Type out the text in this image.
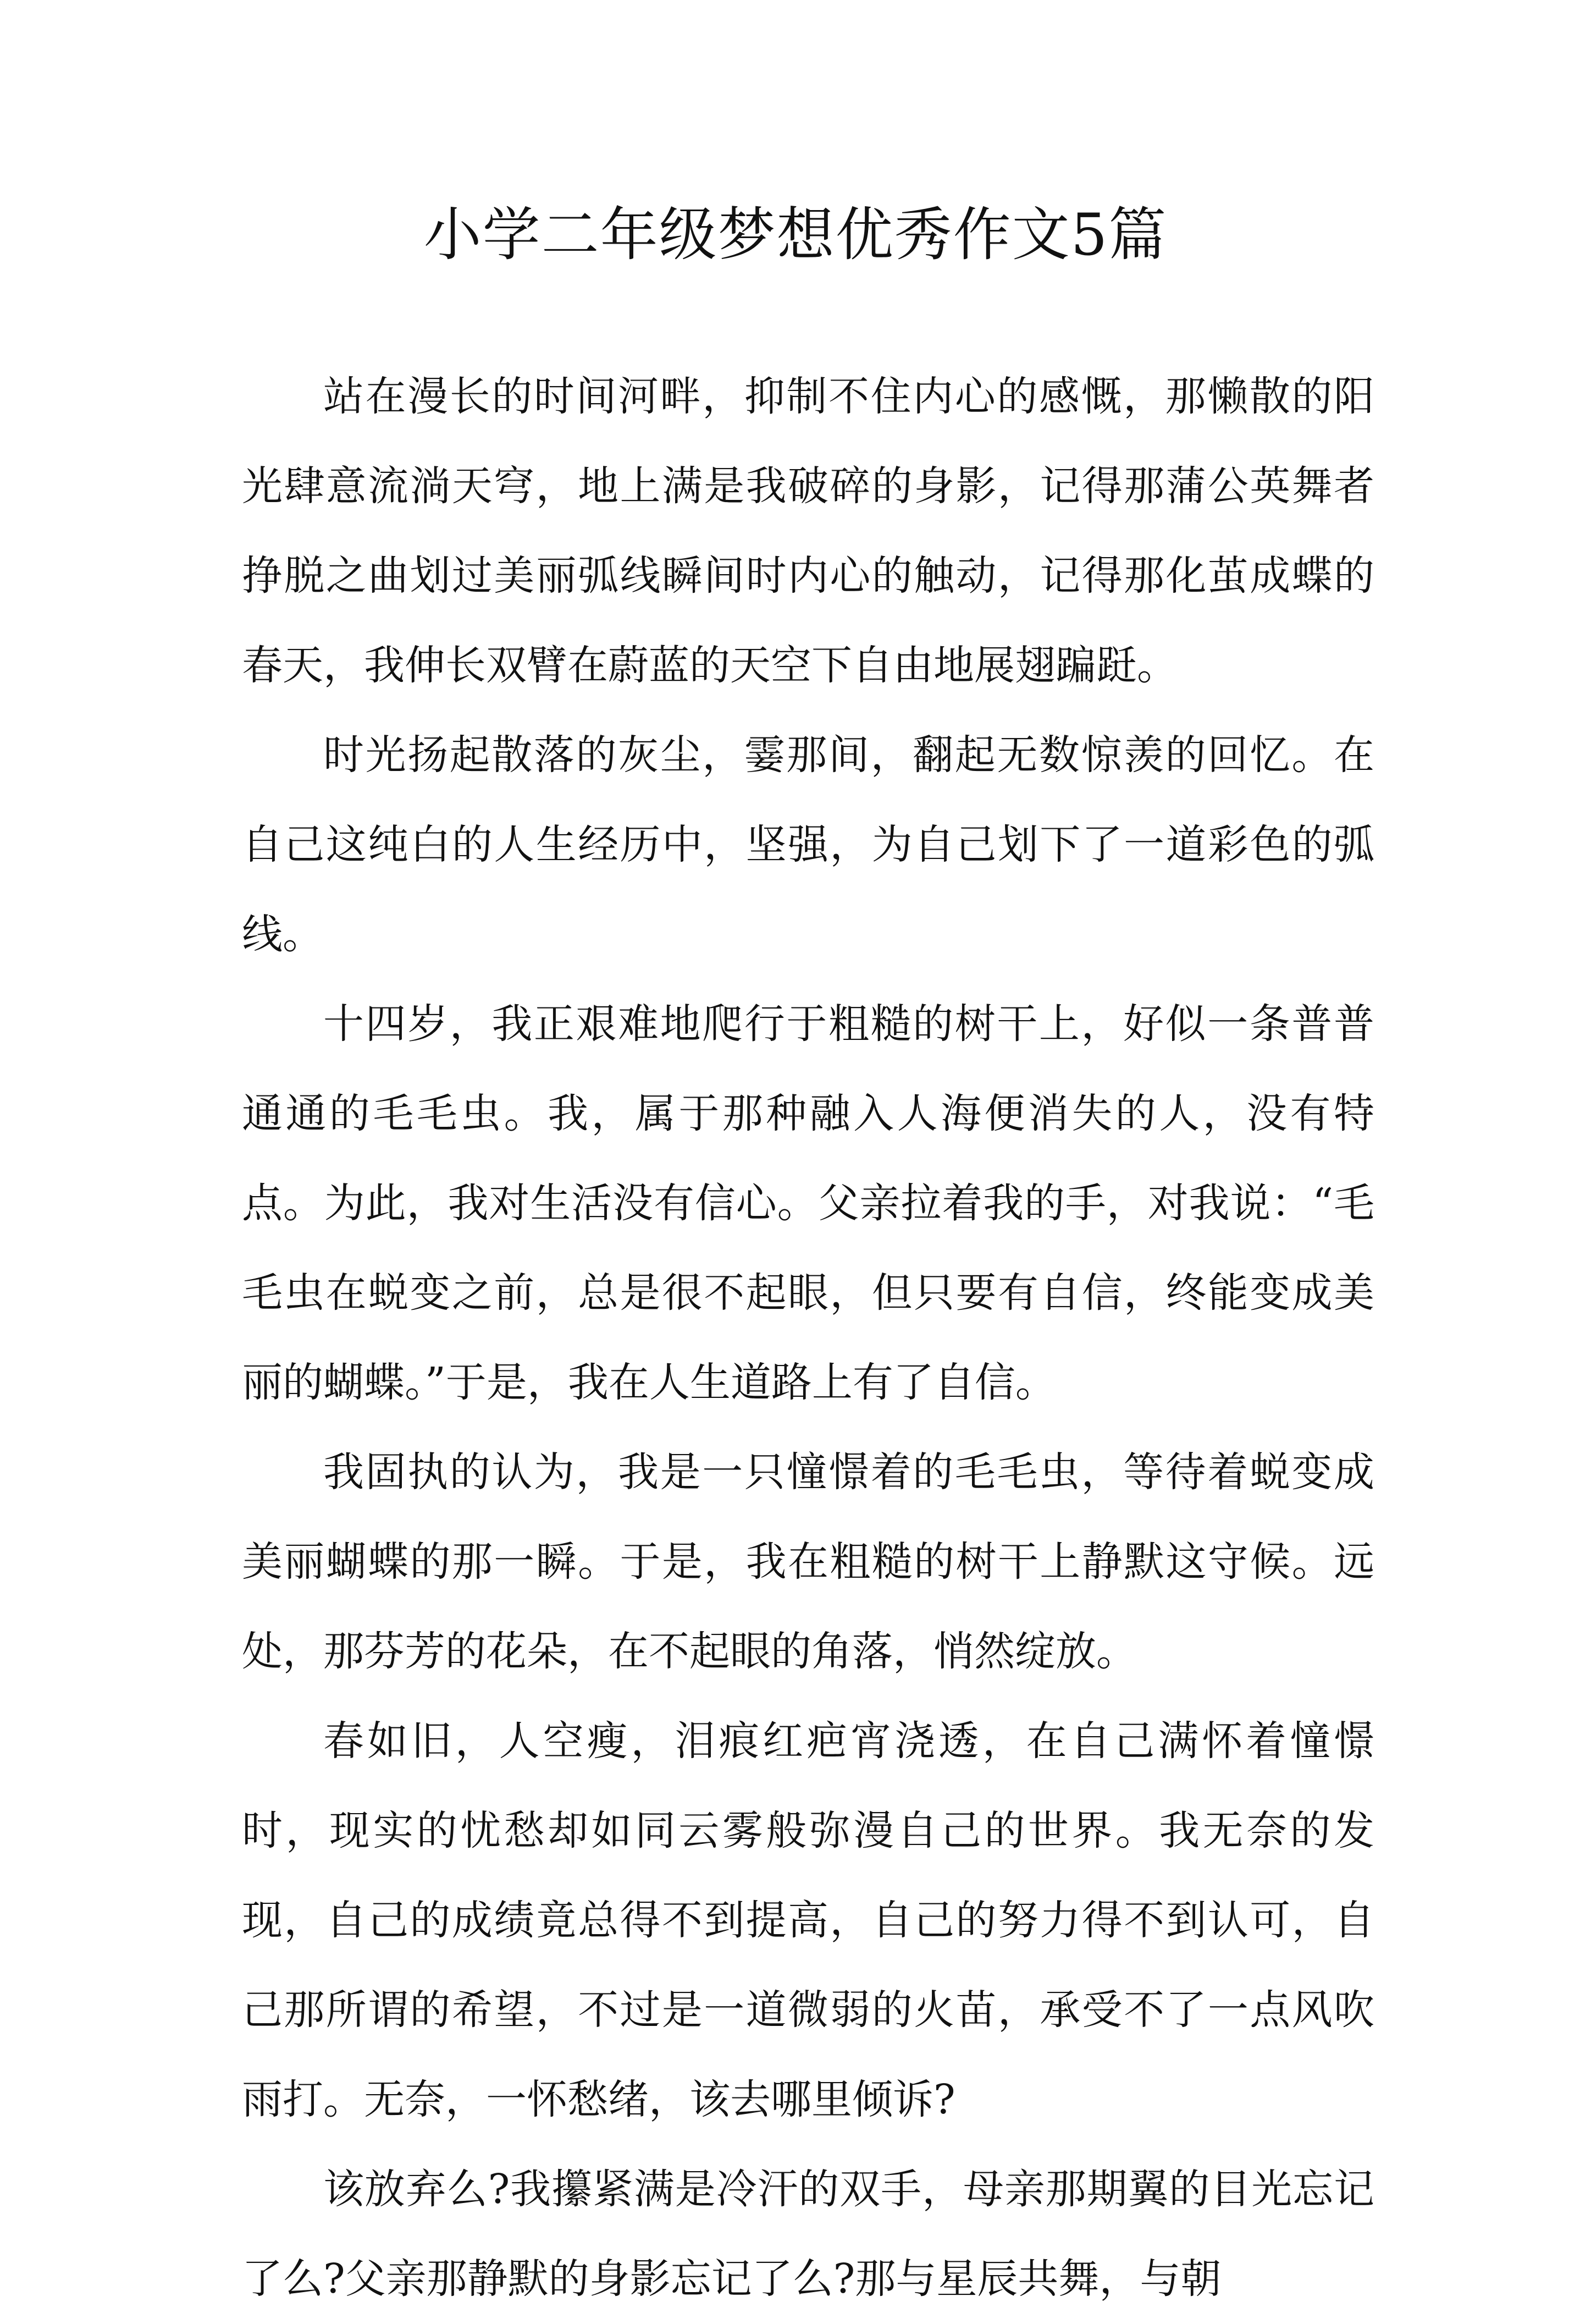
小学二年级梦想优秀作文5篇

站在漫长的时间河畔，抑制不住内心的感慨，那懒散的阳光肆意流淌天穹，地上满是我破碎的身影，记得那蒲公英舞者挣脱之曲划过美丽弧线瞬间时内心的触动，记得那化茧成蝶的春天，我伸长双臂在蔚蓝的天空下自由地展翅蹁跹。

时光扬起散落的灰尘，霎那间，翻起无数惊羡的回忆。在自己这纯白的人生经历中，坚强，为自己划下了一道彩色的弧线。

十四岁，我正艰难地爬行于粗糙的树干上，好似一条普普通通的毛毛虫。我，属于那种融入人海便消失的人，没有特点。为此，我对生活没有信心。父亲拉着我的手，对我说：“毛毛虫在蜕变之前，总是很不起眼，但只要有自信，终能变成美丽的蝴蝶。”于是，我在人生道路上有了自信。

我固执的认为，我是一只憧憬着的毛毛虫，等待着蜕变成美丽蝴蝶的那一瞬。于是，我在粗糙的树干上静默这守候。远处，那芬芳的花朵，在不起眼的角落，悄然绽放。

春如旧，人空瘦，泪痕红疤宵浇透，在自己满怀着憧憬时，现实的忧愁却如同云雾般弥漫自己的世界。我无奈的发现，自己的成绩竟总得不到提高，自己的努力得不到认可，自己那所谓的希望，不过是一道微弱的火苗，承受不了一点风吹雨打。无奈，一怀愁绪，该去哪里倾诉?

该放弃么?我攥紧满是冷汗的双手，母亲那期翼的目光忘记了么?父亲那静默的身影忘记了么?那与星辰共舞，与朝
